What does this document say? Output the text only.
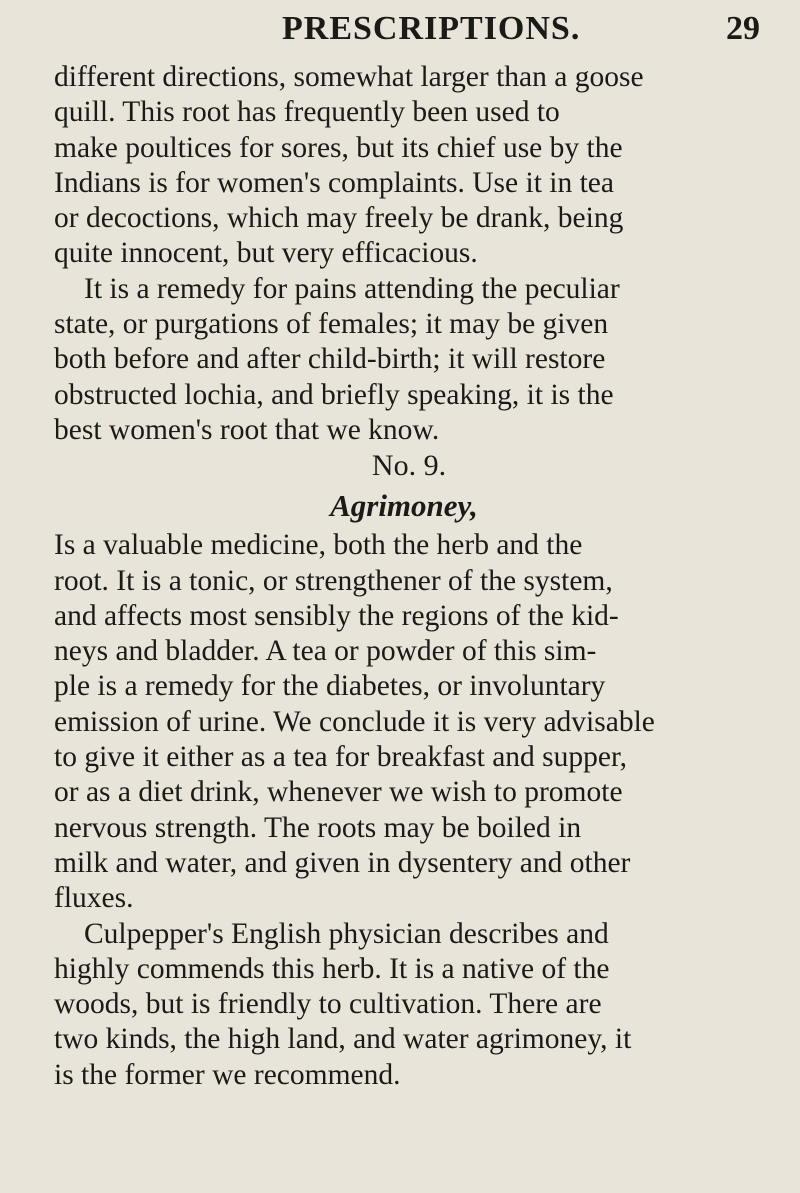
PRESCRIPTIONS.	29
different directions, somewhat larger than a goose
quill. This root has frequently been used to
make poultices for sores, but its chief use by the
Indians is for women's complaints. Use it in tea
or decoctions, which may freely be drank, being
quite innocent, but very efficacious.
It is a remedy for pains attending the peculiar
state, or purgations of females; it may be given
both before and after child-birth; it will restore
obstructed lochia, and briefly speaking, it is the
best women's root that we know.
No. 9.
Agrimoney,
Is a valuable medicine, both the herb and the
root. It is a tonic, or strengthener of the system,
and affects most sensibly the regions of the kid-
neys and bladder. A tea or powder of this sim-
ple is a remedy for the diabetes, or involuntary
emission of urine. We conclude it is very advisable
to give it either as a tea for breakfast and supper,
or as a diet drink, whenever we wish to promote
nervous strength. The roots may be boiled in
milk and water, and given in dysentery and other
fluxes.
Culpepper's English physician describes and
highly commends this herb. It is a native of the
woods, but is friendly to cultivation. There are
two kinds, the high land, and water agrimoney, it
is the former we recommend.
